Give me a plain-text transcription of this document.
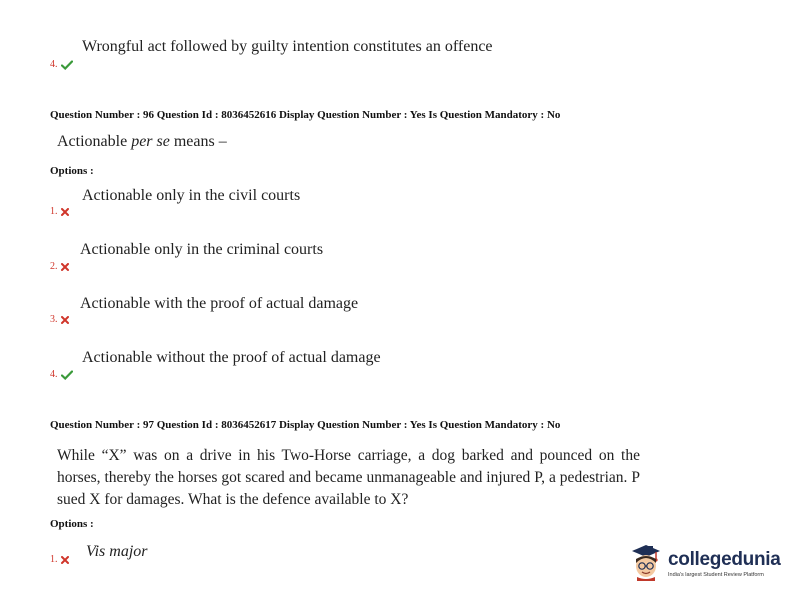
Wrongful act followed by guilty intention constitutes an offence
4.
Question Number : 96 Question Id : 8036452616 Display Question Number : Yes Is Question Mandatory : No
Actionable per se means –
Options :
Actionable only in the civil courts
1.
Actionable only in the criminal courts
2.
Actionable with the proof of actual damage
3.
Actionable without the proof of actual damage
4.
Question Number : 97 Question Id : 8036452617 Display Question Number : Yes Is Question Mandatory : No
While “X” was on a drive in his Two-Horse carriage, a dog barked and pounced on the horses, thereby the horses got scared and became unmanageable and injured P, a pedestrian. P sued X for damages. What is the defence available to X?
Options :
Vis major
1.	collegedunia
India's largest Student Review Platform
